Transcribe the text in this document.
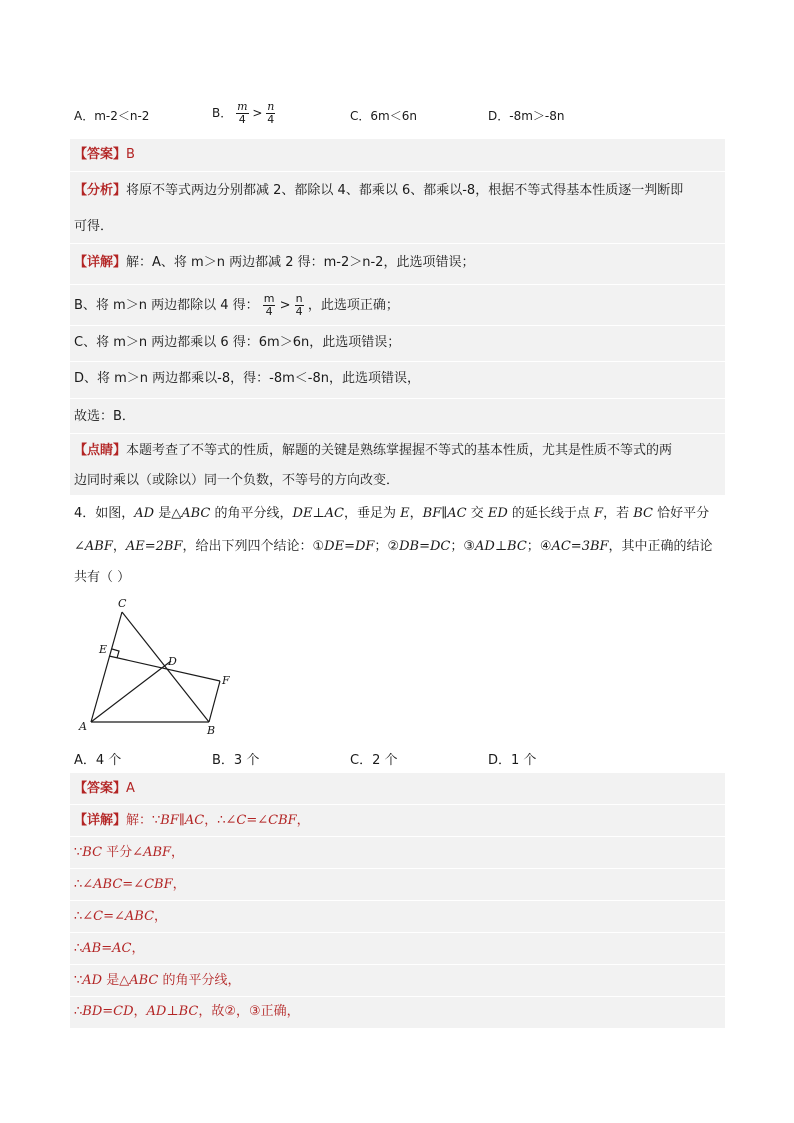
A．m-2＜n-2	B． $\frac{m}{4} > \frac{n}{4}$	C．6m＜6n	D．-8m＞-8n
【答案】B
【分析】将原不等式两边分别都减 2、都除以 4、都乘以 6、都乘以-8，根据不等式得基本性质逐一判断即
可得．
【详解】解：A、将 m＞n 两边都减 2 得：m-2＞n-2，此选项错误；
B、将 m＞n 两边都除以 4 得： $\frac{m}{4} > \frac{n}{4}$ ，此选项正确；
C、将 m＞n 两边都乘以 6 得：6m＞6n，此选项错误；
D、将 m＞n 两边都乘以-8，得：-8m＜-8n，此选项错误，
故选：B．
【点睛】本题考查了不等式的性质，解题的关键是熟练掌握握不等式的基本性质，尤其是性质不等式的两
边同时乘以（或除以）同一个负数，不等号的方向改变．
4．如图，AD 是△ABC 的角平分线，DE⊥AC，垂足为 E，BF∥AC 交 ED 的延长线于点 F，若 BC 恰好平分
∠ABF，AE=2BF，给出下列四个结论：①DE=DF；②DB=DC；③AD⊥BC；④AC=3BF，其中正确的结论
共有（ ）
C
E
D
F
A	B
A．4 个	B．3 个	C．2 个	D．1 个
【答案】A
【详解】解：∵BF∥AC，∴∠C=∠CBF，
∵BC 平分∠ABF，
∴∠ABC=∠CBF，
∴∠C=∠ABC，
∴AB=AC，
∵AD 是△ABC 的角平分线，
∴BD=CD，AD⊥BC，故②，③正确，
